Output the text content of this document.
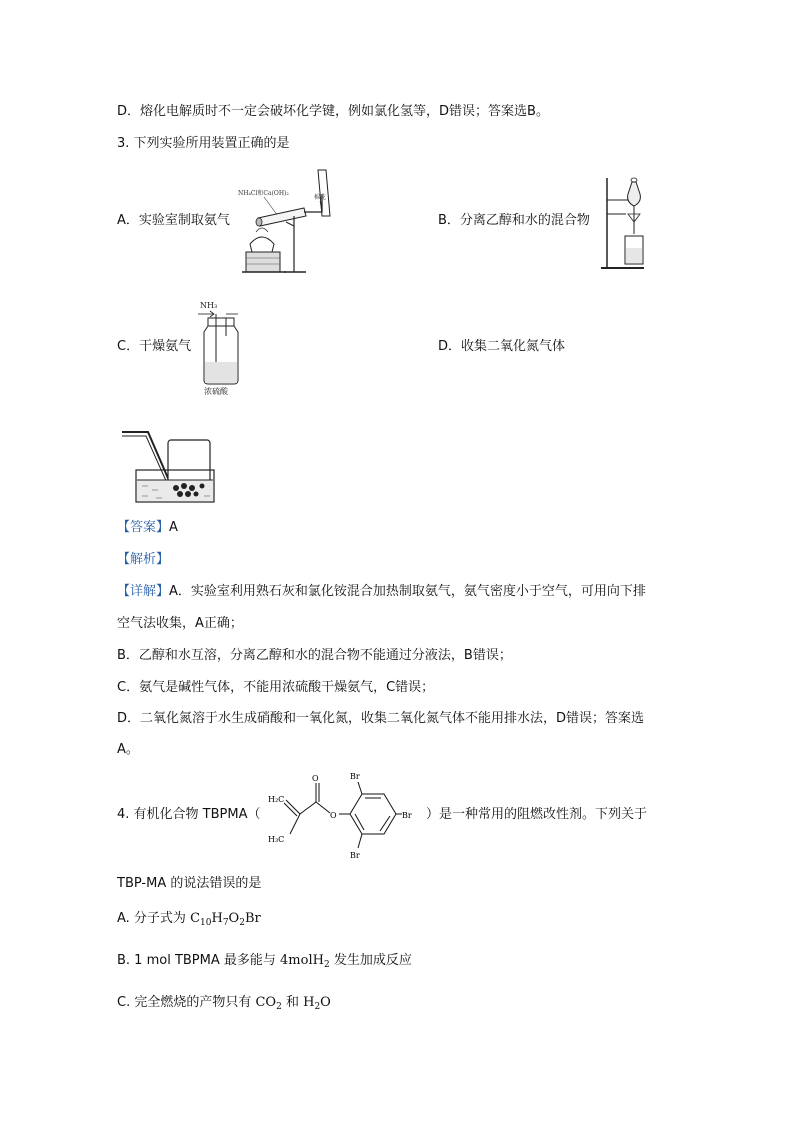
D．熔化电解质时不一定会破坏化学键，例如氯化氢等，D错误；答案选B。
3. 下列实验所用装置正确的是
A．实验室制取氨气	B．分离乙醇和水的混合物
NH₄Cl和Ca(OH)₂
棉花
C．干燥氨气	D．收集二氧化氮气体
NH₃
浓硫酸
【答案】A
【解析】
【详解】A．实验室利用熟石灰和氯化铵混合加热制取氨气，氨气密度小于空气，可用向下排
空气法收集，A正确；
B．乙醇和水互溶，分离乙醇和水的混合物不能通过分液法，B错误；
C．氨气是碱性气体，不能用浓硫酸干燥氨气，C错误；
D．二氧化氮溶于水生成硝酸和一氧化氮，收集二氧化氮气体不能用排水法，D错误；答案选
A。
4. 有机化合物 TBPMA（	）是一种常用的阻燃改性剂。下列关于
O
H₂C
H₃C
O
Br
Br
Br
TBP-MA 的说法错误的是
A. 分子式为 $C_{10}H_7O_2Br$
B. 1 mol TBPMA 最多能与 4molH$_2$ 发生加成反应
C. 完全燃烧的产物只有 $CO_2$ 和 $H_2O$
